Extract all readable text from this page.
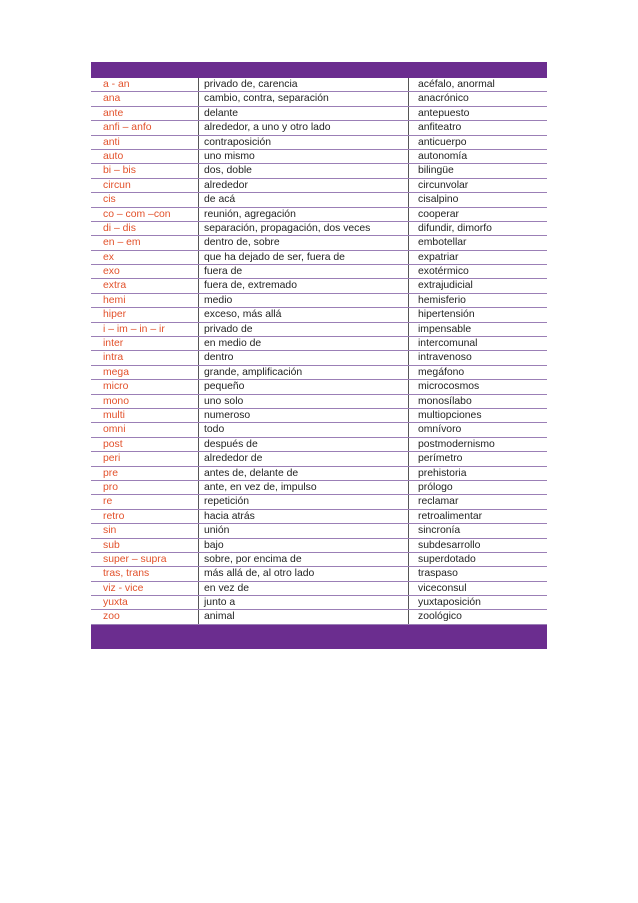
a - an	privado de, carencia	acéfalo, anormal
ana	cambio, contra, separación	anacrónico
ante	delante	antepuesto
anfi – anfo	alrededor, a uno y otro lado	anfiteatro
anti	contraposición	anticuerpo
auto	uno mismo	autonomía
bi – bis	dos, doble	bilingüe
circun	alrededor	circunvolar
cis	de acá	cisalpino
co – com –con	reunión, agregación	cooperar
di – dis	separación, propagación, dos veces	difundir, dimorfo
en – em	dentro de, sobre	embotellar
ex	que ha dejado de ser, fuera de	expatriar
exo	fuera de	exotérmico
extra	fuera de, extremado	extrajudicial
hemi	medio	hemisferio
hiper	exceso, más allá	hipertensión
i – im – in – ir	privado de	impensable
inter	en medio de	intercomunal
intra	dentro	intravenoso
mega	grande, amplificación	megáfono
micro	pequeño	microcosmos
mono	uno solo	monosílabo
multi	numeroso	multiopciones
omni	todo	omnívoro
post	después de	postmodernismo
peri	alrededor de	perímetro
pre	antes de, delante de	prehistoria
pro	ante, en vez de, impulso	prólogo
re	repetición	reclamar
retro	hacia atrás	retroalimentar
sin	unión	sincronía
sub	bajo	subdesarrollo
super – supra	sobre, por encima de	superdotado
tras, trans	más allá de, al otro lado	traspaso
viz - vice	en vez de	viceconsul
yuxta	junto a	yuxtaposición
zoo	animal	zoológico
